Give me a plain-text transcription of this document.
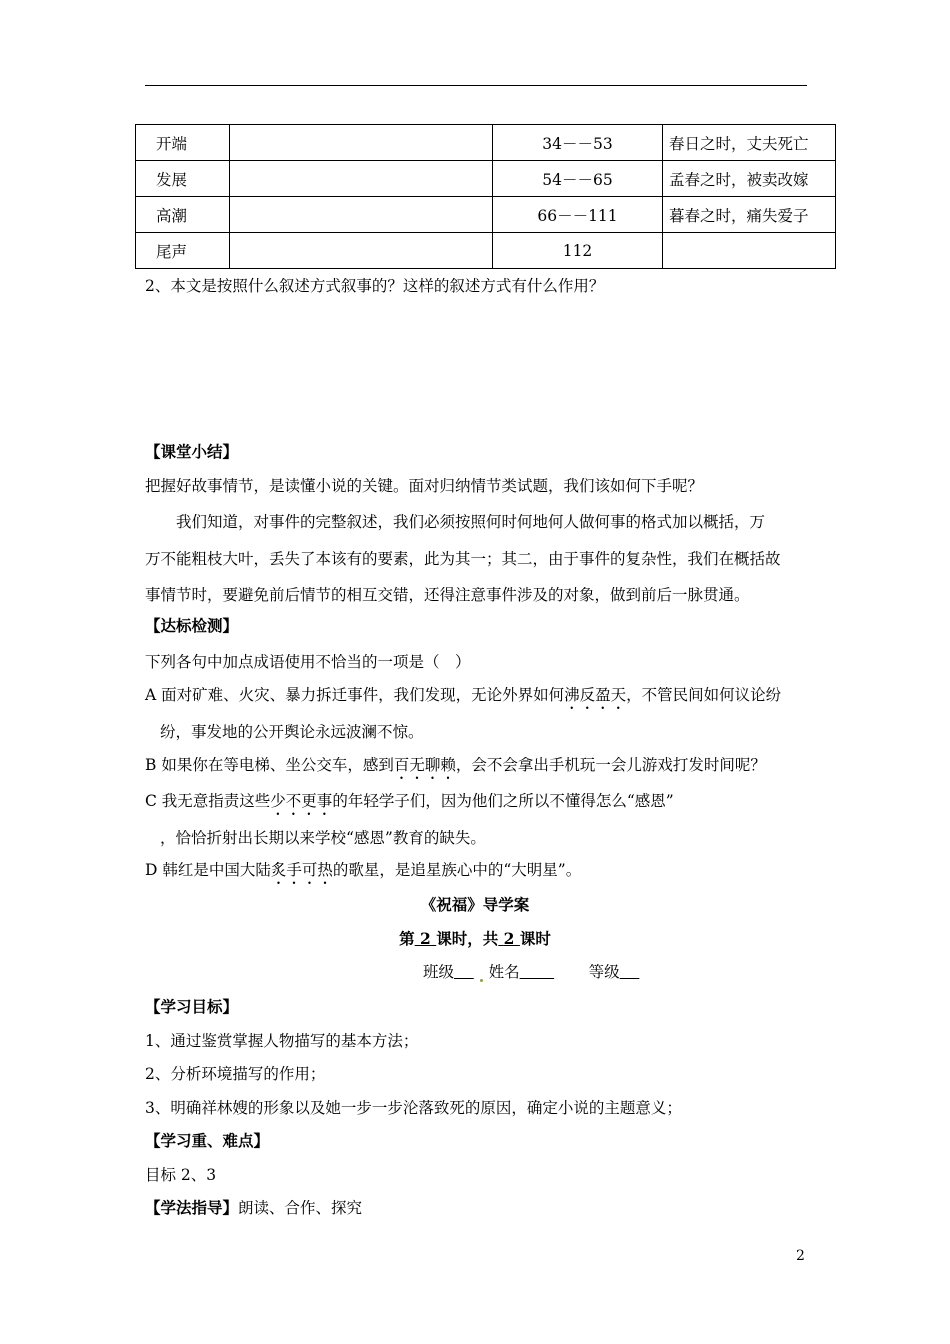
开端		34－－53	春日之时，丈夫死亡
发展		54－－65	孟春之时，被卖改嫁
高潮		66－－111	暮春之时，痛失爱子
尾声		112	
2、本文是按照什么叙述方式叙事的？这样的叙述方式有什么作用？
【课堂小结】
把握好故事情节，是读懂小说的关键。面对归纳情节类试题，我们该如何下手呢？
　　我们知道，对事件的完整叙述，我们必须按照何时何地何人做何事的格式加以概括，万
万不能粗枝大叶，丢失了本该有的要素，此为其一；其二，由于事件的复杂性，我们在概括故
事情节时，要避免前后情节的相互交错，还得注意事件涉及的对象，做到前后一脉贯通。
【达标检测】
下列各句中加点成语使用不恰当的一项是（　）
A 面对矿难、火灾、暴力拆迁事件，我们发现，无论外界如何沸反盈天，不管民间如何议论纷
纷，事发地的公开舆论永远波澜不惊。
B 如果你在等电梯、坐公交车，感到百无聊赖，会不会拿出手机玩一会儿游戏打发时间呢？
C 我无意指责这些少不更事的年轻学子们，因为他们之所以不懂得怎么“感恩”
，恰恰折射出长期以来学校“感恩”教育的缺失。
D 韩红是中国大陆炙手可热的歌星，是追星族心中的“大明星”。
《祝福》导学案
第 2 课时，共 2 课时
班级 姓名	等级
【学习目标】
1、通过鉴赏掌握人物描写的基本方法；
2、分析环境描写的作用；
3、明确祥林嫂的形象以及她一步一步沦落致死的原因，确定小说的主题意义；
【学习重、难点】
目标 2、3
【学法指导】朗读、合作、探究
2
